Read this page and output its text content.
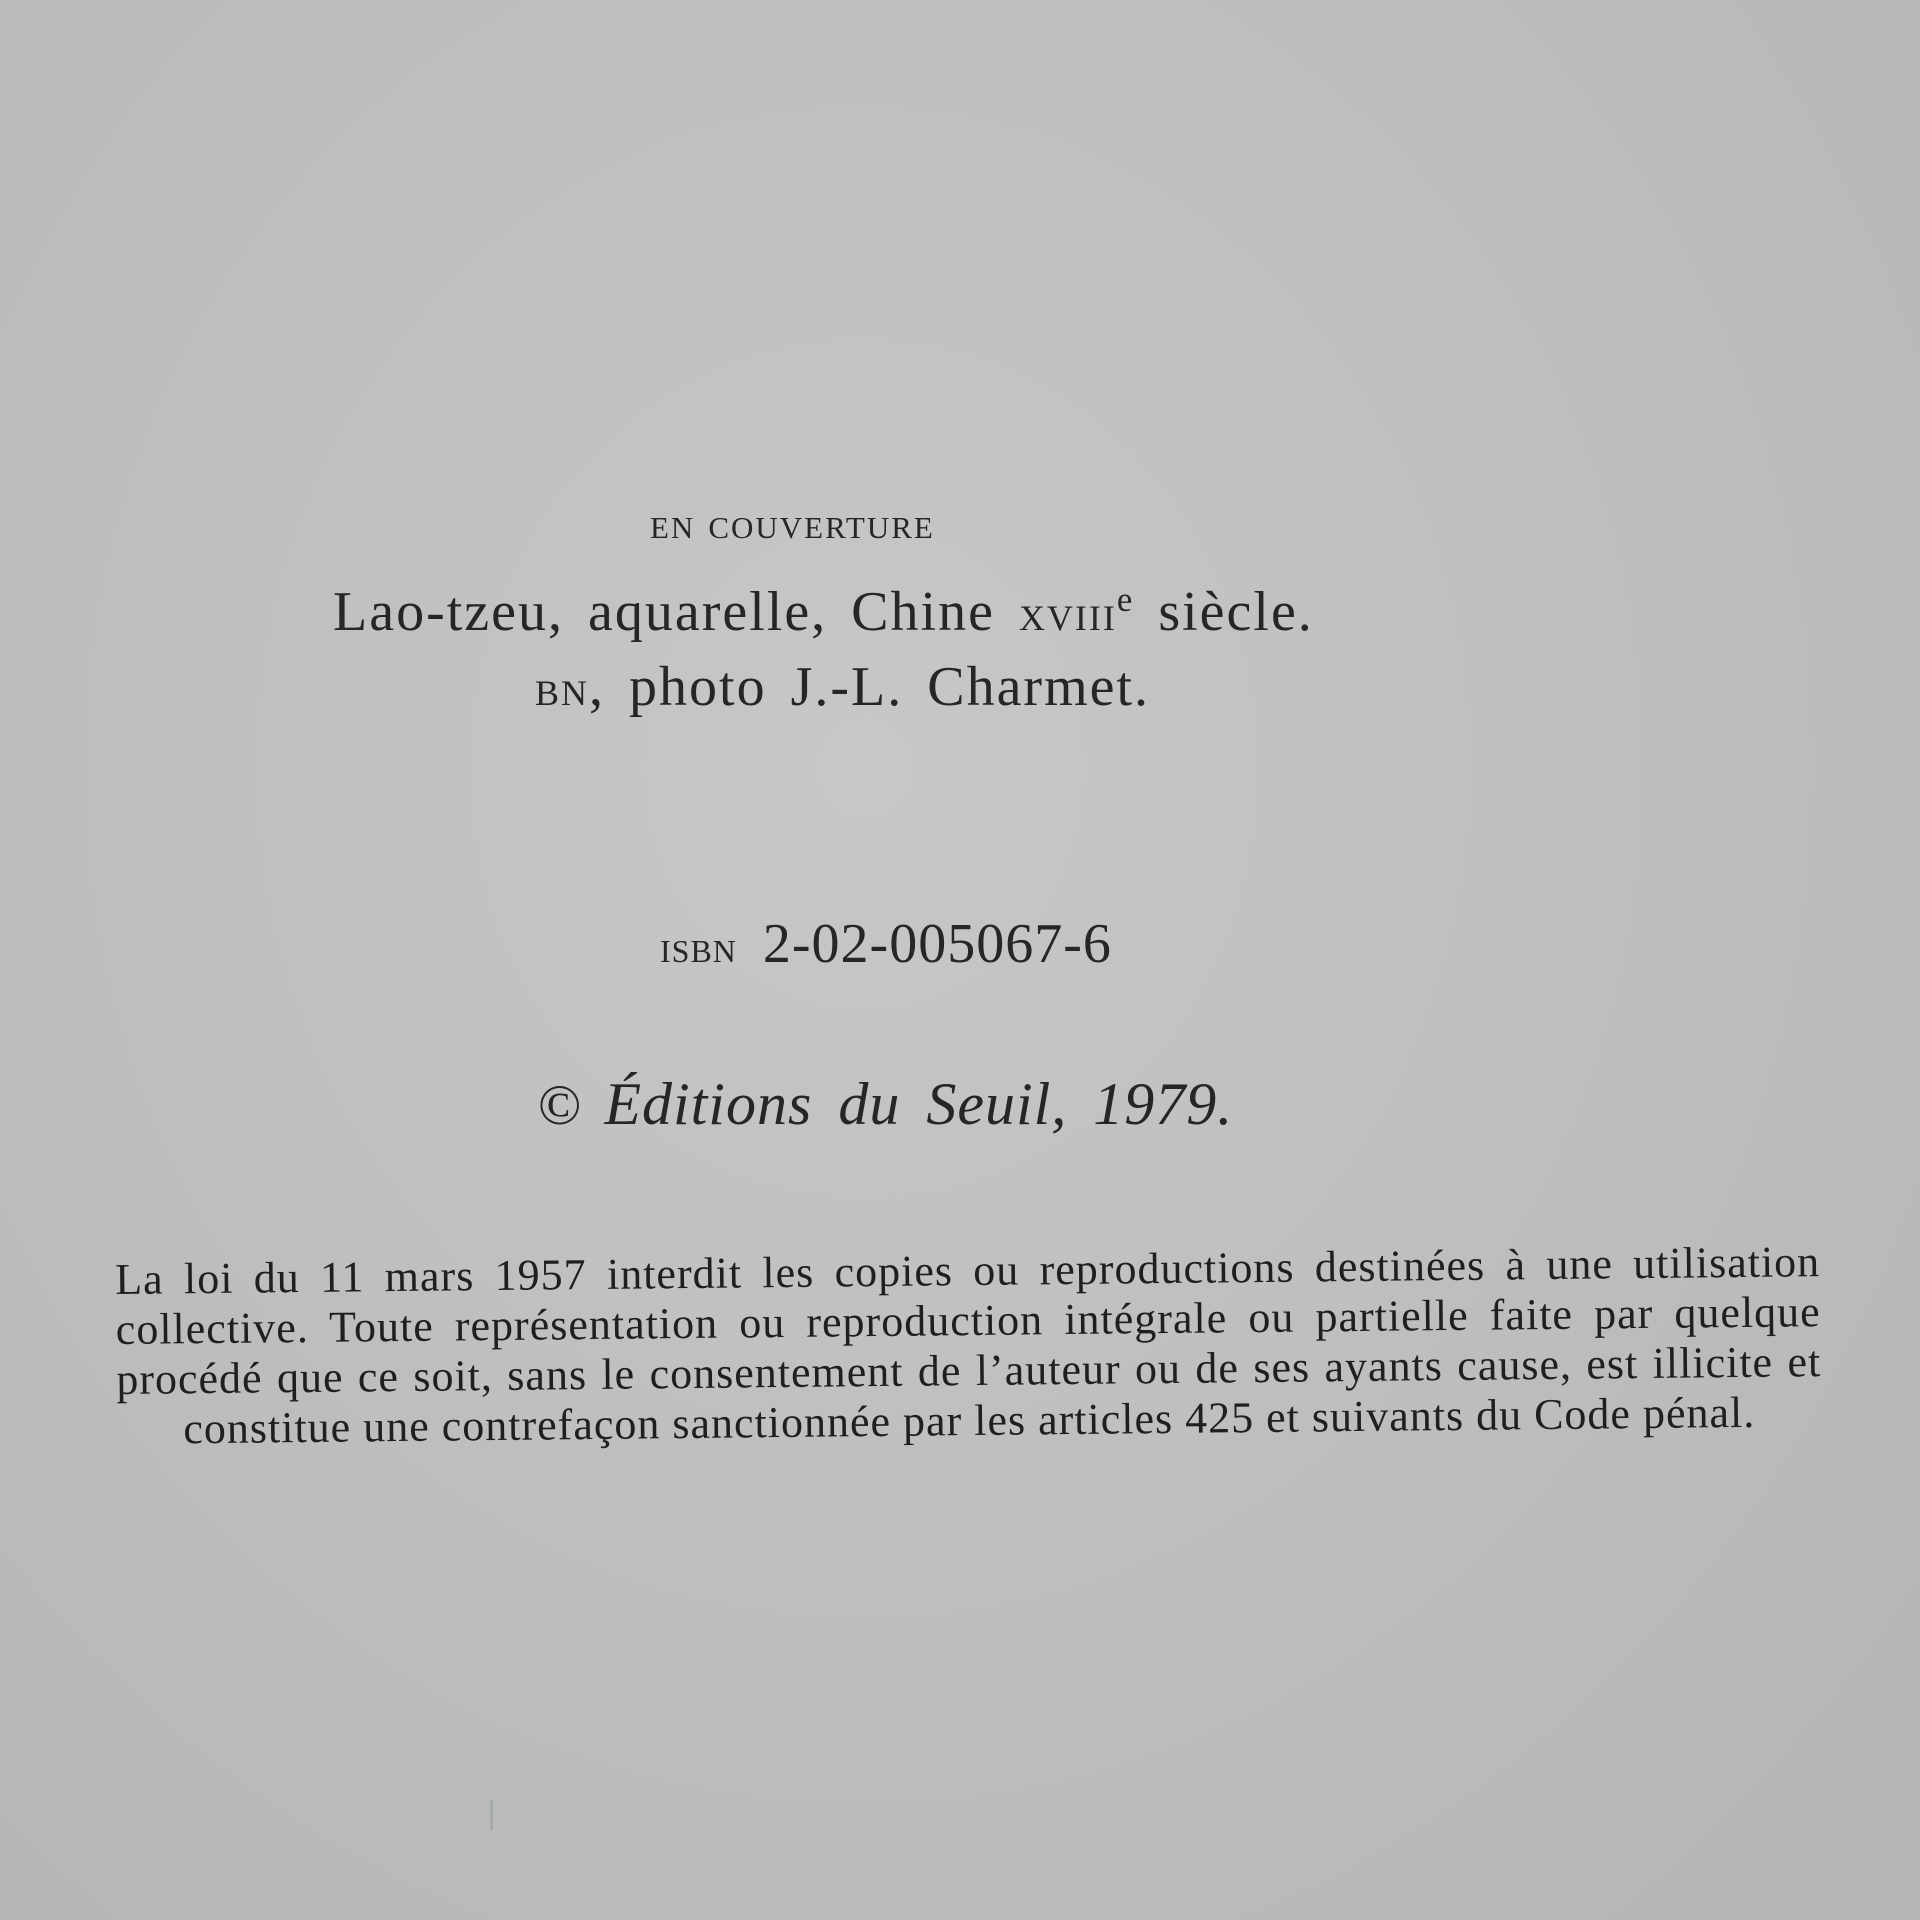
en couverture
Lao-tzeu, aquarelle, Chine xviii$^e$ siècle.
bn, photo J.-L. Charmet.
isbn 2-02-005067-6
© Éditions du Seuil, 1979.
La loi du 11 mars 1957 interdit les copies ou reproductions destinées à une utilisation collective. Toute représentation ou reproduction intégrale ou partielle faite par quelque procédé que ce soit, sans le consentement de l’auteur ou de ses ayants cause, est illicite et constitue une contrefaçon sanctionnée par les articles 425 et suivants du Code pénal.
